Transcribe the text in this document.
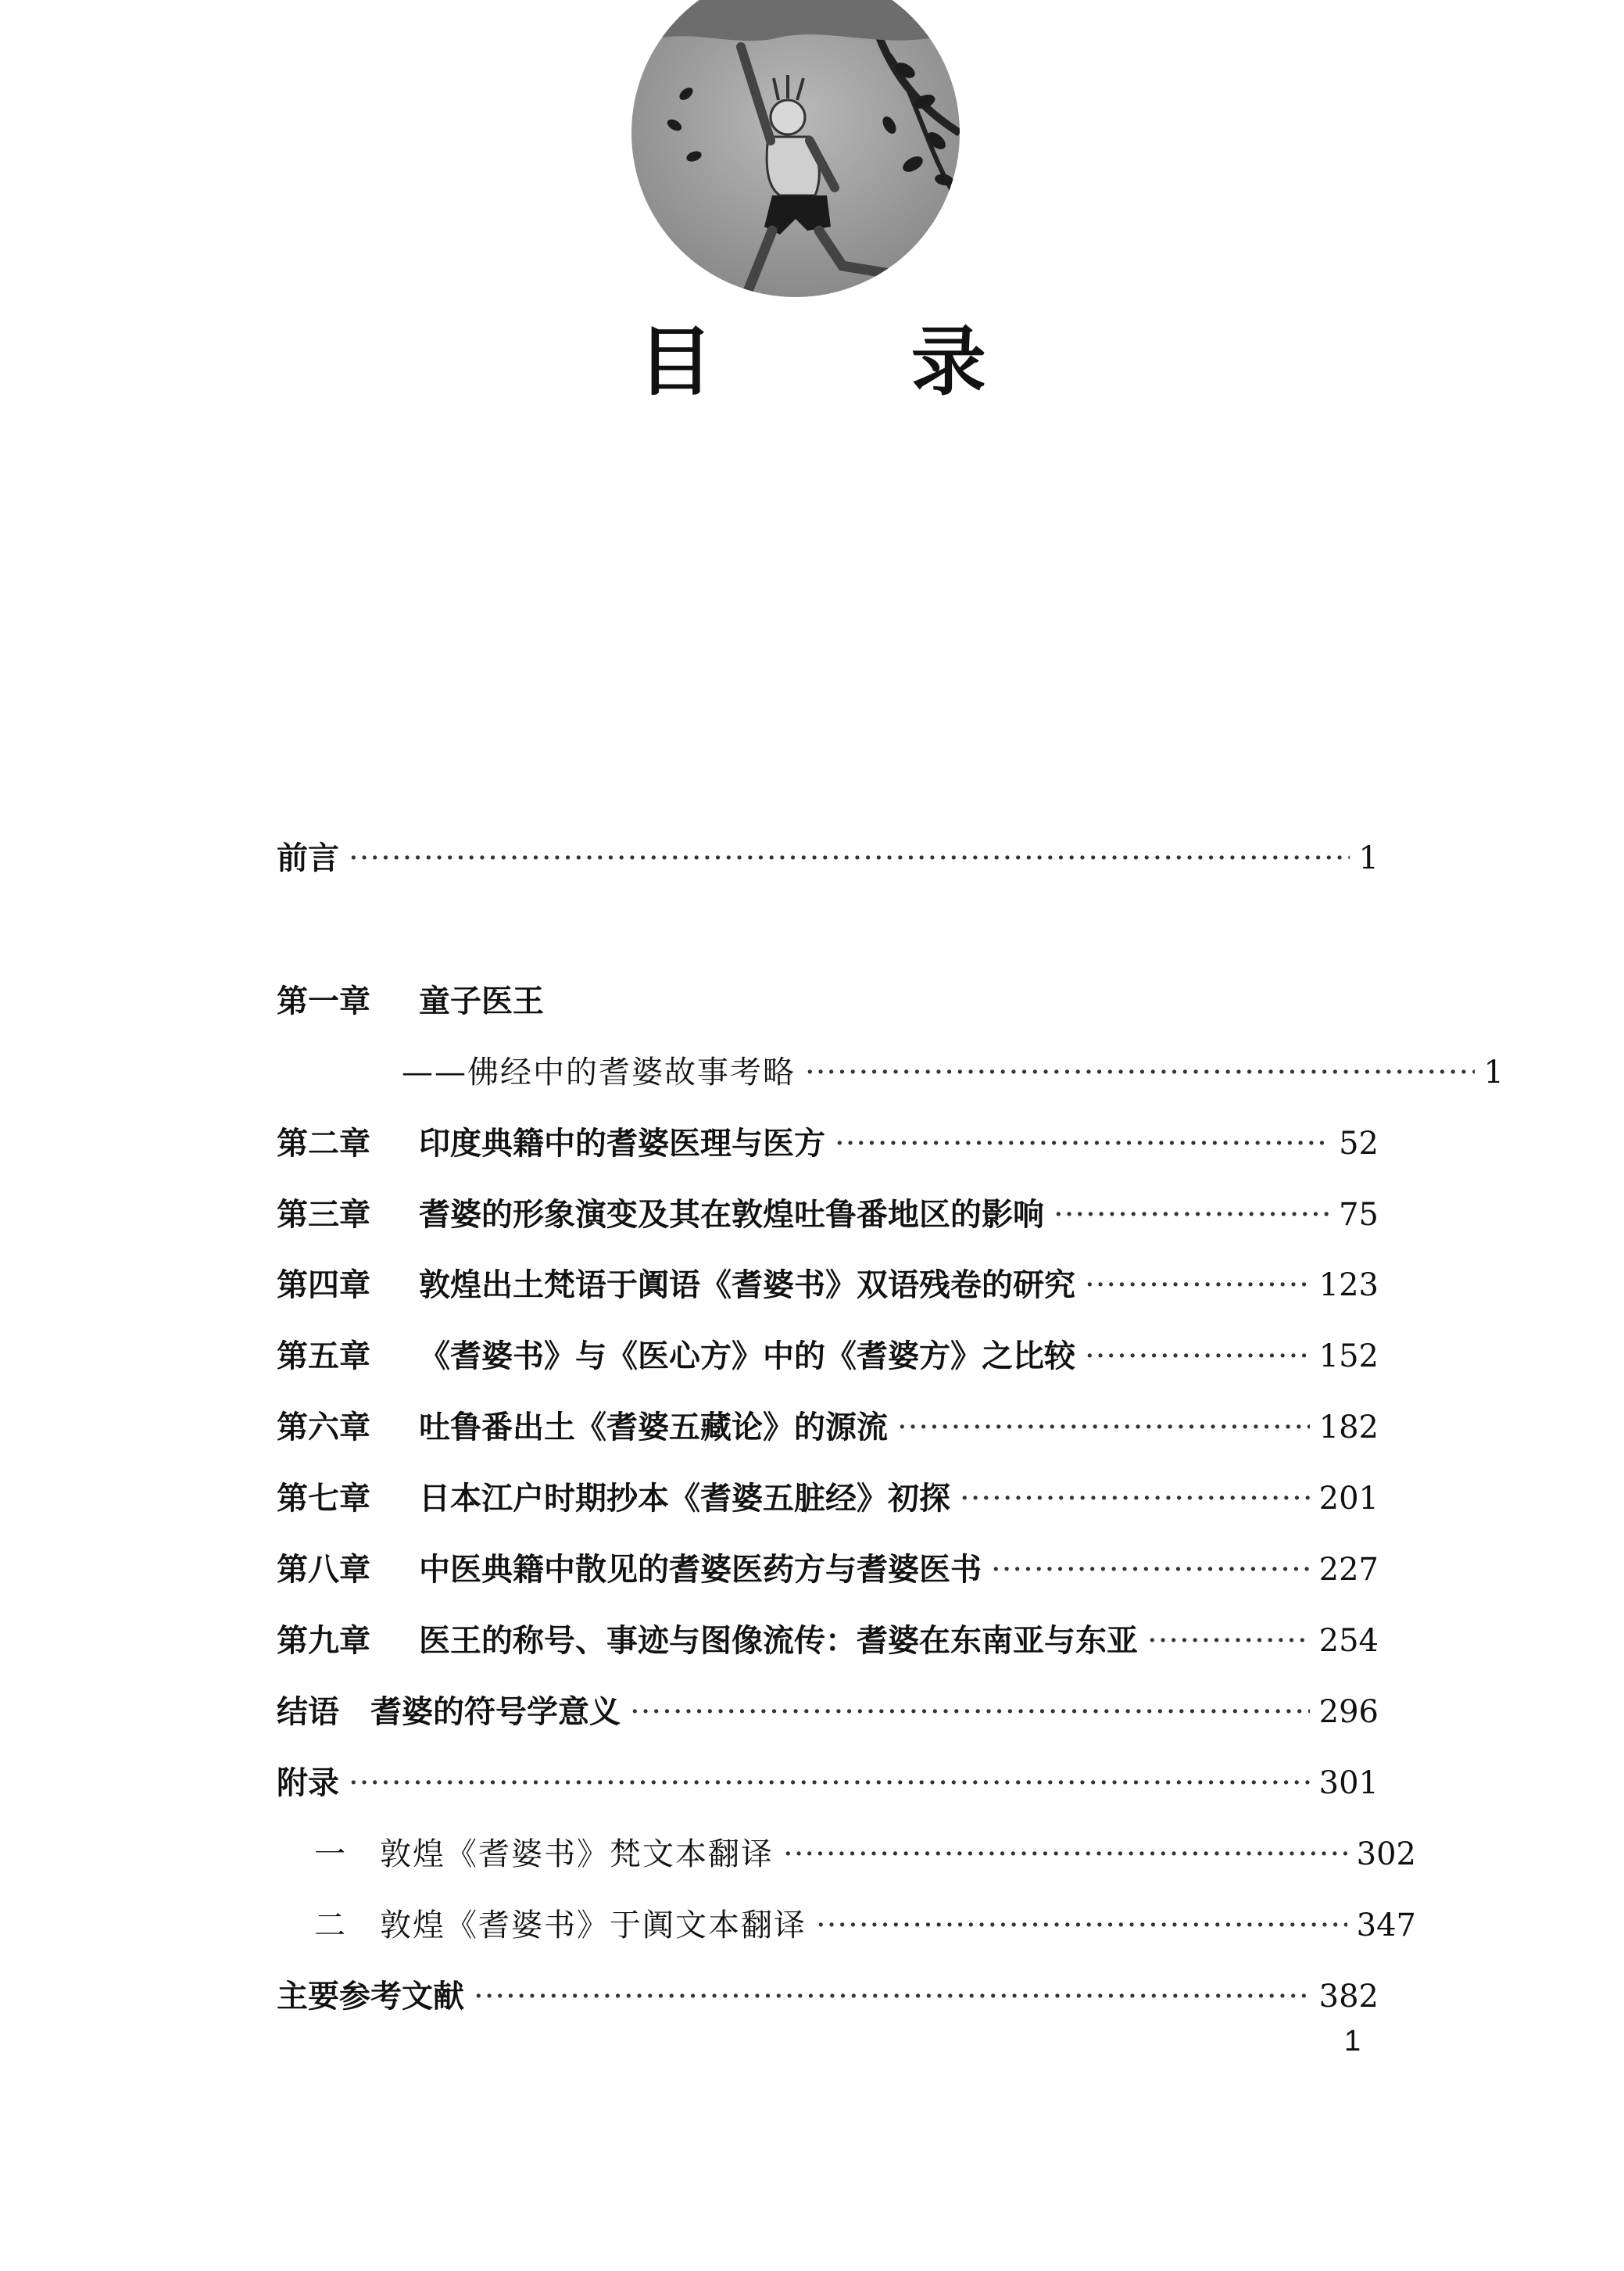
目 录
前言 ·····	1
第一章	童子医王
——佛经中的耆婆故事考略 ·····	1
第二章	印度典籍中的耆婆医理与医方 ·····	52
第三章	耆婆的形象演变及其在敦煌吐鲁番地区的影响 ·····	75
第四章	敦煌出土梵语于阗语《耆婆书》双语残卷的研究 ·····	123
第五章	《耆婆书》与《医心方》中的《耆婆方》之比较 ·····	152
第六章	吐鲁番出土《耆婆五藏论》的源流 ·····	182
第七章	日本江户时期抄本《耆婆五脏经》初探 ·····	201
第八章	中医典籍中散见的耆婆医药方与耆婆医书 ·····	227
第九章	医王的称号、事迹与图像流传：耆婆在东南亚与东亚 ·····	254
结语　耆婆的符号学意义 ·····	296
附录 ·····	301
一　敦煌《耆婆书》梵文本翻译 ·····	302
二　敦煌《耆婆书》于阗文本翻译 ·····	347
主要参考文献 ·····	382
1
